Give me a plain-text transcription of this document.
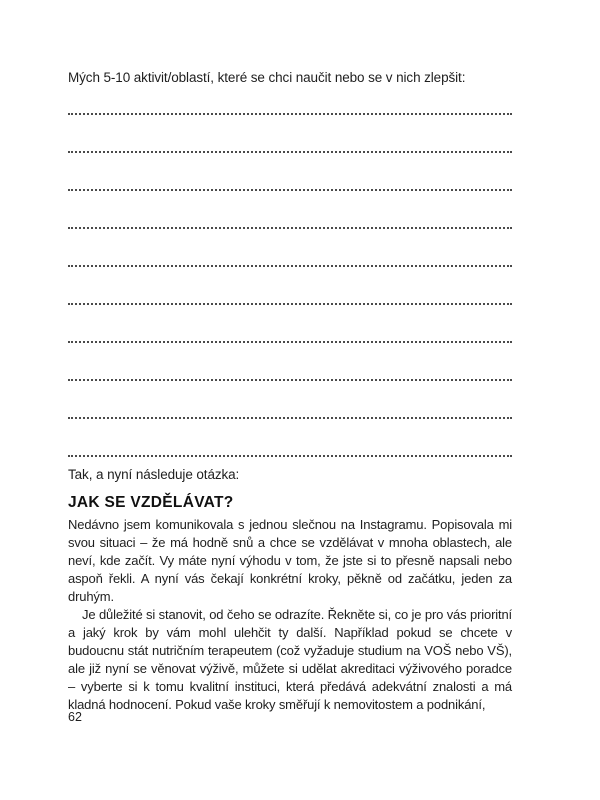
Mých 5-10 aktivit/oblastí, které se chci naučit nebo se v nich zlepšit:
Tak, a nyní následuje otázka:
JAK SE VZDĚLÁVAT?

Nedávno jsem komunikovala s jednou slečnou na Instagramu. Popisovala mi svou situaci – že má hodně snů a chce se vzdělávat v mnoha oblastech, ale neví, kde začít. Vy máte nyní výhodu v tom, že jste si to přesně napsali nebo aspoň řekli. A nyní vás čekají konkrétní kroky, pěkně od začátku, jeden za druhým.

Je důležité si stanovit, od čeho se odrazíte. Řekněte si, co je pro vás prioritní a jaký krok by vám mohl ulehčit ty další. Například pokud se chcete v budoucnu stát nutričním terapeutem (což vyžaduje studium na VOŠ nebo VŠ), ale již nyní se věnovat výživě, můžete si udělat akreditaci výživového poradce – vyberte si k tomu kvalitní instituci, která předává adekvátní znalosti a má kladná hodnocení. Pokud vaše kroky směřují k nemovitostem a podnikání,

62
